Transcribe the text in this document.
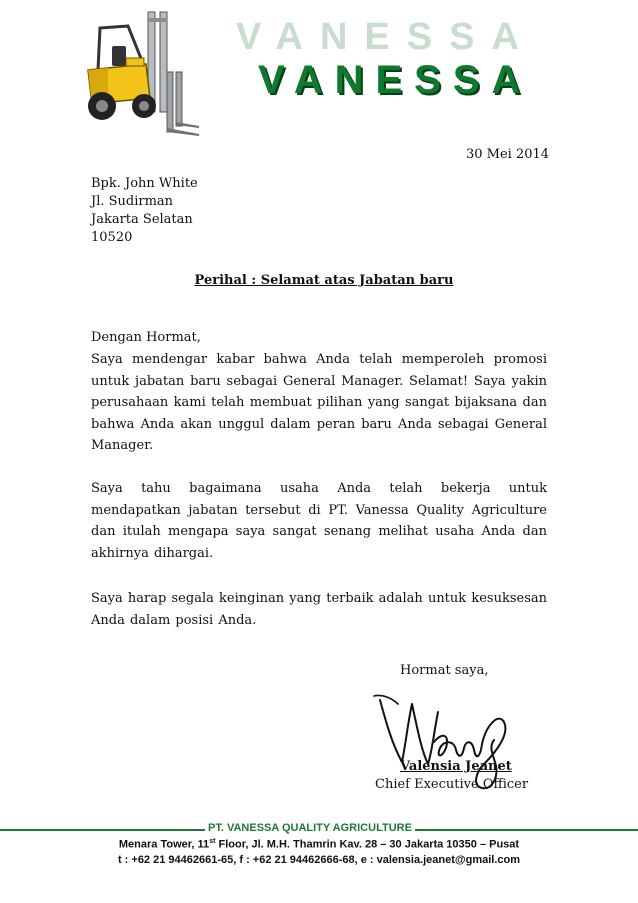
VANESSA
VANESSA
30 Mei 2014
Bpk. John White
Jl. Sudirman
Jakarta Selatan
10520
Perihal : Selamat atas Jabatan baru
Dengan Hormat,
Saya mendengar kabar bahwa Anda telah memperoleh promosi untuk jabatan baru sebagai General Manager. Selamat! Saya yakin perusahaan kami telah membuat pilihan yang sangat bijaksana dan bahwa Anda akan unggul dalam peran baru Anda sebagai General Manager.
Saya tahu bagaimana usaha Anda telah bekerja untuk mendapatkan jabatan tersebut di PT. Vanessa Quality Agriculture dan itulah mengapa saya sangat senang melihat usaha Anda dan akhirnya dihargai.
Saya harap segala keinginan yang terbaik adalah untuk kesuksesan Anda dalam posisi Anda.
Hormat saya,
Valensia Jeanet
Chief Executive Officer
PT. VANESSA QUALITY AGRICULTURE
Menara Tower, 11st Floor, Jl. M.H. Thamrin Kav. 28 – 30 Jakarta 10350 – Pusat
t : +62 21 94462661-65, f : +62 21 94462666-68, e : valensia.jeanet@gmail.com
